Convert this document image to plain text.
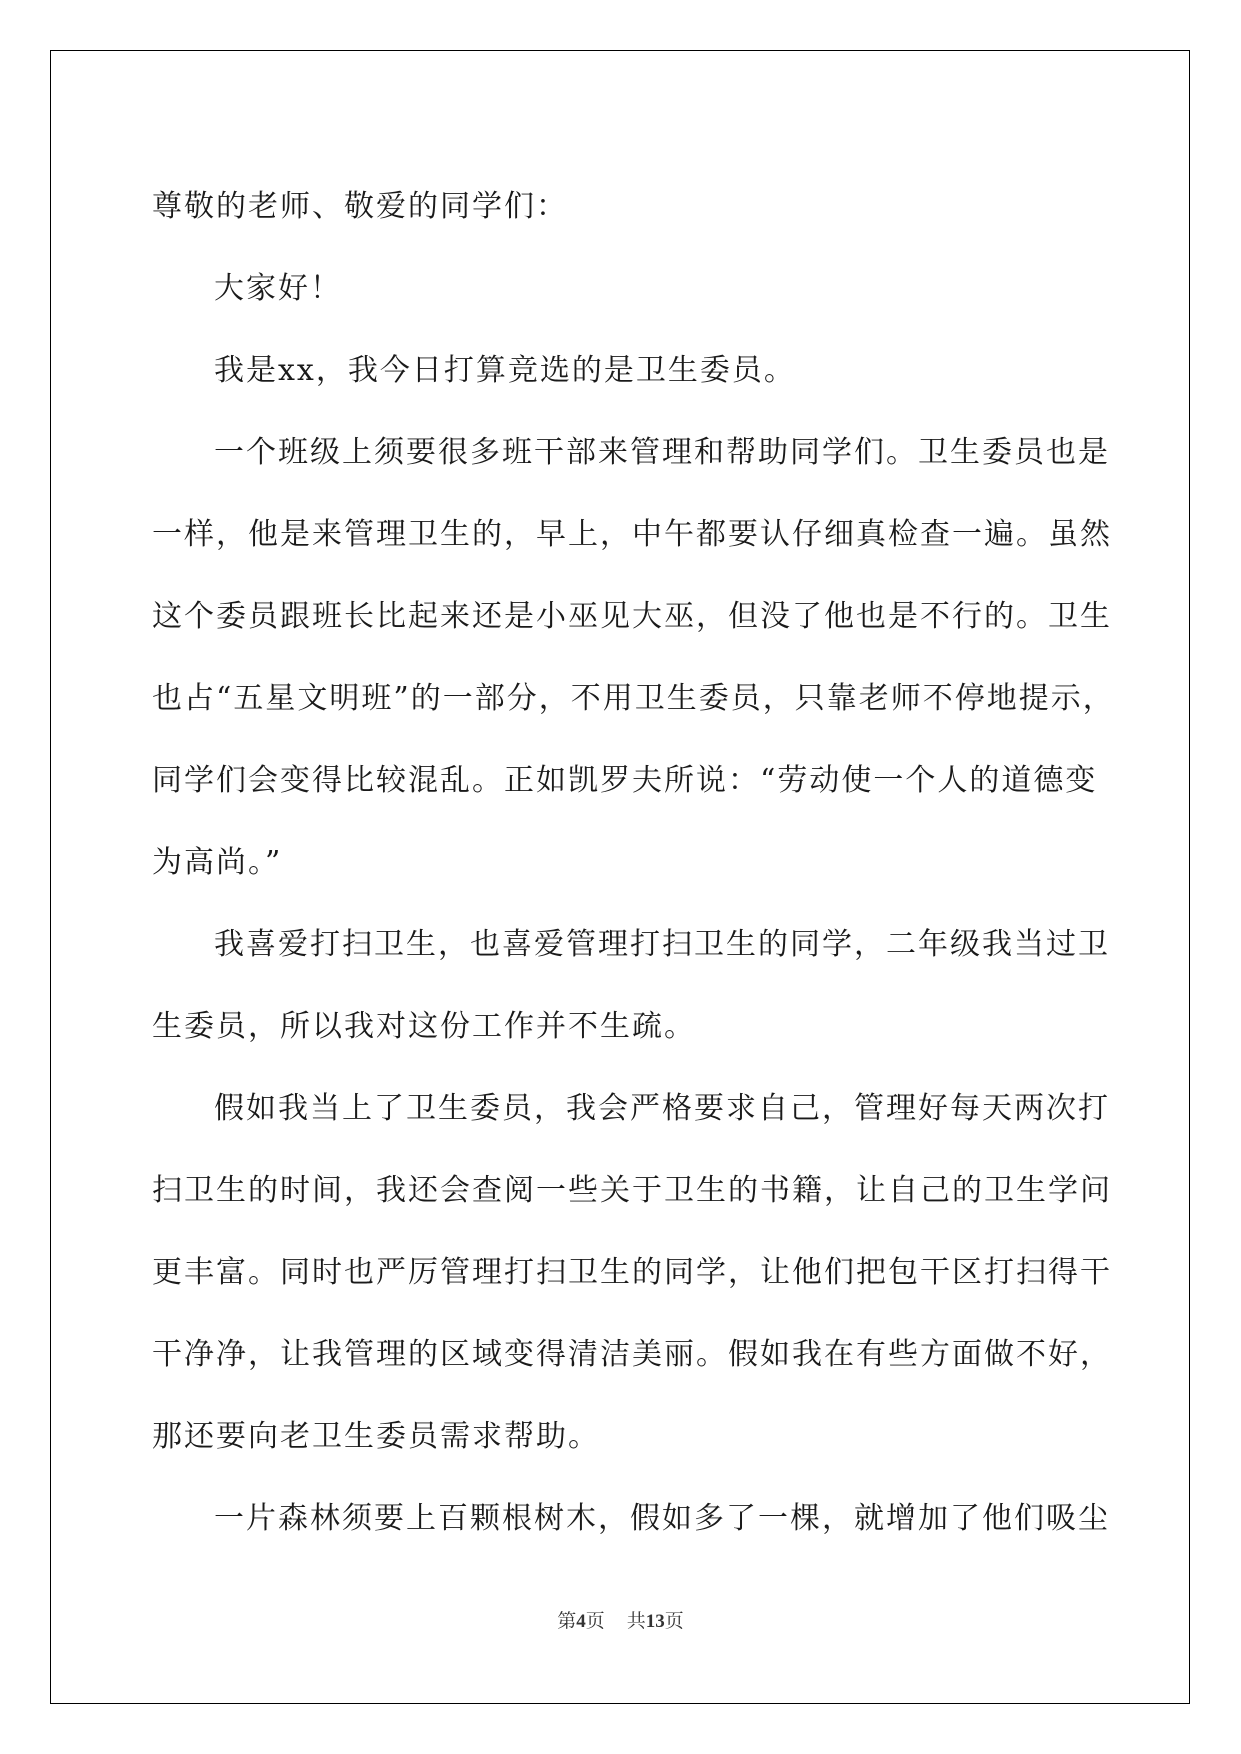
尊敬的老师、敬爱的同学们：
大家好！
我是xx，我今日打算竞选的是卫生委员。
一 个 班 级 上 须 要 很 多 班 干 部 来 管 理 和 帮 助 同 学 们 。 卫 生 委 员 也 是
一 样 ， 他 是 来 管 理 卫 生 的 ， 早 上 ， 中 午 都 要 认 仔 细 真 检 查 一 遍 。 虽 然
这 个 委 员 跟 班 长 比 起 来 还 是 小 巫 见 大 巫 ， 但 没 了 他 也 是 不 行 的 。 卫 生
也 占 “ 五 星 文 明 班 ” 的 一 部 分 ， 不 用 卫 生 委 员 ， 只 靠 老 师 不 停 地 提 示 ，
同 学 们 会 变 得 比 较 混 乱 。 正 如 凯 罗 夫 所 说 ： “ 劳 动 使 一 个 人 的 道 德 变
为高尚。”
我 喜 爱 打 扫 卫 生 ， 也 喜 爱 管 理 打 扫 卫 生 的 同 学 ， 二 年 级 我 当 过 卫
生委员，所以我对这份工作并不生疏。
假 如 我 当 上 了 卫 生 委 员 ， 我 会 严 格 要 求 自 己 ， 管 理 好 每 天 两 次 打
扫 卫 生 的 时 间 ， 我 还 会 查 阅 一 些 关 于 卫 生 的 书 籍 ， 让 自 己 的 卫 生 学 问
更 丰 富 。 同 时 也 严 厉 管 理 打 扫 卫 生 的 同 学 ， 让 他 们 把 包 干 区 打 扫 得 干
干 净 净 ， 让 我 管 理 的 区 域 变 得 清 洁 美 丽 。 假 如 我 在 有 些 方 面 做 不 好 ，
那还要向老卫生委员需求帮助。
一片森林须要上百颗根树木，假如多了一棵，就增加了他们吸尘
第4页 共13页
